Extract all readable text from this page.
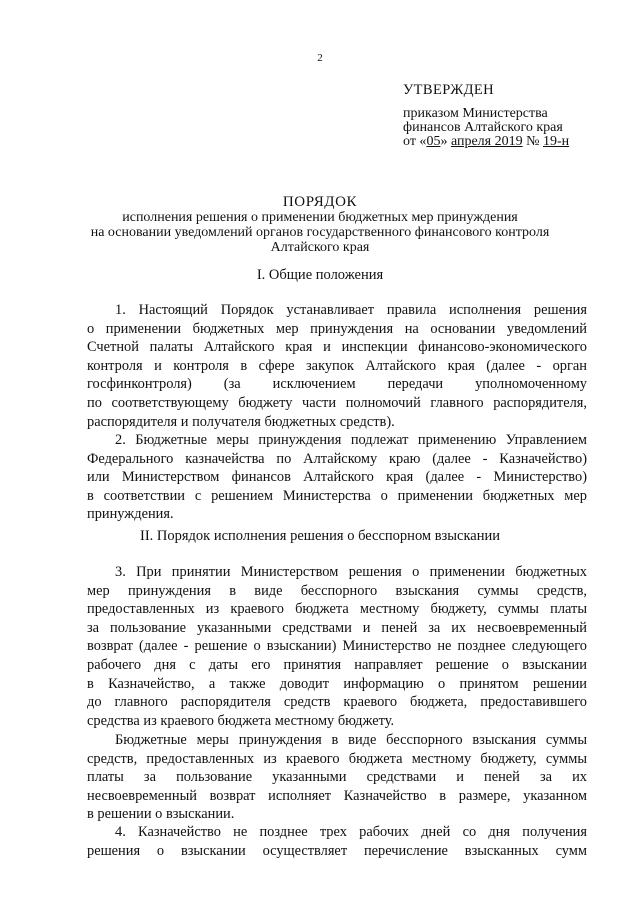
2
УТВЕРЖДЕН
приказом Министерства
финансов Алтайского края
от «05» апреля 2019 № 19-н
ПОРЯДОК
исполнения решения о применении бюджетных мер принуждения
на основании уведомлений органов государственного финансового контроля
Алтайского края
I. Общие положения
1. Настоящий Порядок устанавливает правила исполнения решения
о применении бюджетных мер принуждения на основании уведомлений
Счетной палаты Алтайского края и инспекции финансово-экономического
контроля и контроля в сфере закупок Алтайского края (далее - орган
госфинконтроля) (за исключением передачи уполномоченному
по соответствующему бюджету части полномочий главного распорядителя,
распорядителя и получателя бюджетных средств).
2. Бюджетные меры принуждения подлежат применению Управлением
Федерального казначейства по Алтайскому краю (далее - Казначейство)
или Министерством финансов Алтайского края (далее - Министерство)
в соответствии с решением Министерства о применении бюджетных мер
принуждения.
II. Порядок исполнения решения о бесспорном взыскании
3. При принятии Министерством решения о применении бюджетных
мер принуждения в виде бесспорного взыскания суммы средств,
предоставленных из краевого бюджета местному бюджету, суммы платы
за пользование указанными средствами и пеней за их несвоевременный
возврат (далее - решение о взыскании) Министерство не позднее следующего
рабочего дня с даты его принятия направляет решение о взыскании
в Казначейство, а также доводит информацию о принятом решении
до главного распорядителя средств краевого бюджета, предоставившего
средства из краевого бюджета местному бюджету.
Бюджетные меры принуждения в виде бесспорного взыскания суммы
средств, предоставленных из краевого бюджета местному бюджету, суммы
платы за пользование указанными средствами и пеней за их
несвоевременный возврат исполняет Казначейство в размере, указанном
в решении о взыскании.
4. Казначейство не позднее трех рабочих дней со дня получения
решения о взыскании осуществляет перечисление взысканных сумм
